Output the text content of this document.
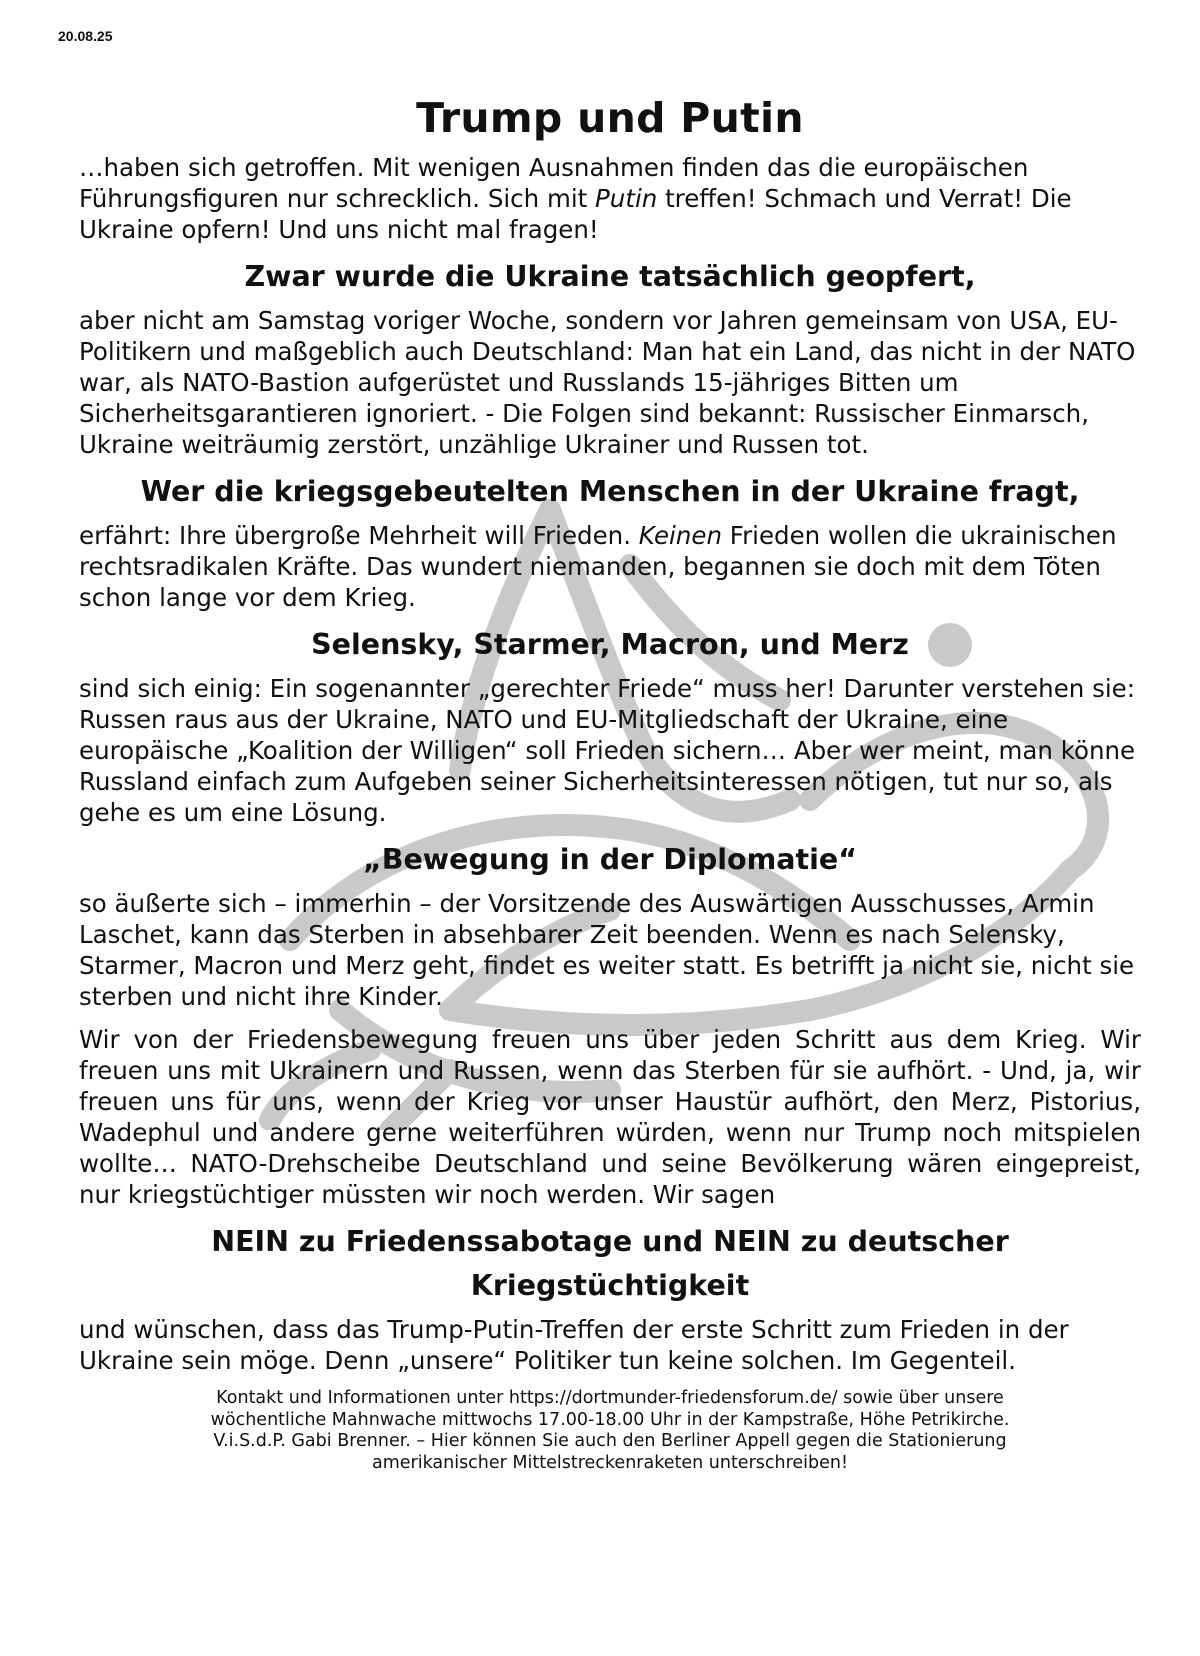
20.08.25
Trump und Putin

…haben sich getroffen. Mit wenigen Ausnahmen finden das die europäischen Führungsfiguren nur schrecklich. Sich mit Putin treffen! Schmach und Verrat! Die Ukraine opfern! Und uns nicht mal fragen!

Zwar wurde die Ukraine tatsächlich geopfert,

aber nicht am Samstag voriger Woche, sondern vor Jahren gemeinsam von USA, EU-Politikern und maßgeblich auch Deutschland: Man hat ein Land, das nicht in der NATO war, als NATO-Bastion aufgerüstet und Russlands 15-jähriges Bitten um Sicherheitsgarantieren ignoriert. - Die Folgen sind bekannt: Russischer Einmarsch, Ukraine weiträumig zerstört, unzählige Ukrainer und Russen tot.

Wer die kriegsgebeutelten Menschen in der Ukraine fragt,

erfährt: Ihre übergroße Mehrheit will Frieden. Keinen Frieden wollen die ukrainischen rechtsradikalen Kräfte. Das wundert niemanden, begannen sie doch mit dem Töten schon lange vor dem Krieg.

Selensky, Starmer, Macron, und Merz

sind sich einig: Ein sogenannter „gerechter Friede“ muss her! Darunter verstehen sie: Russen raus aus der Ukraine, NATO und EU-Mitgliedschaft der Ukraine, eine europäische „Koalition der Willigen“ soll Frieden sichern… Aber wer meint, man könne Russland einfach zum Aufgeben seiner Sicherheitsinteressen nötigen, tut nur so, als gehe es um eine Lösung.

„Bewegung in der Diplomatie“

so äußerte sich – immerhin – der Vorsitzende des Auswärtigen Ausschusses, Armin Laschet, kann das Sterben in absehbarer Zeit beenden. Wenn es nach Selensky, Starmer, Macron und Merz geht, findet es weiter statt. Es betrifft ja nicht sie, nicht sie sterben und nicht ihre Kinder.

Wir von der Friedensbewegung freuen uns über jeden Schritt aus dem Krieg. Wir freuen uns mit Ukrainern und Russen, wenn das Sterben für sie aufhört. - Und, ja, wir freuen uns für uns, wenn der Krieg vor unser Haustür aufhört, den Merz, Pistorius, Wadephul und andere gerne weiterführen würden, wenn nur Trump noch mitspielen wollte… NATO-Drehscheibe Deutschland und seine Bevölkerung wären eingepreist, nur kriegstüchtiger müssten wir noch werden. Wir sagen

NEIN zu Friedenssabotage und NEIN zu deutscher Kriegstüchtigkeit

und wünschen, dass das Trump-Putin-Treffen der erste Schritt zum Frieden in der Ukraine sein möge. Denn „unsere“ Politiker tun keine solchen. Im Gegenteil.

Kontakt und Informationen unter https://dortmunder-friedensforum.de/ sowie über unsere wöchentliche Mahnwache mittwochs 17.00-18.00 Uhr in der Kampstraße, Höhe Petrikirche. V.i.S.d.P. Gabi Brenner. – Hier können Sie auch den Berliner Appell gegen die Stationierung amerikanischer Mittelstreckenraketen unterschreiben!
